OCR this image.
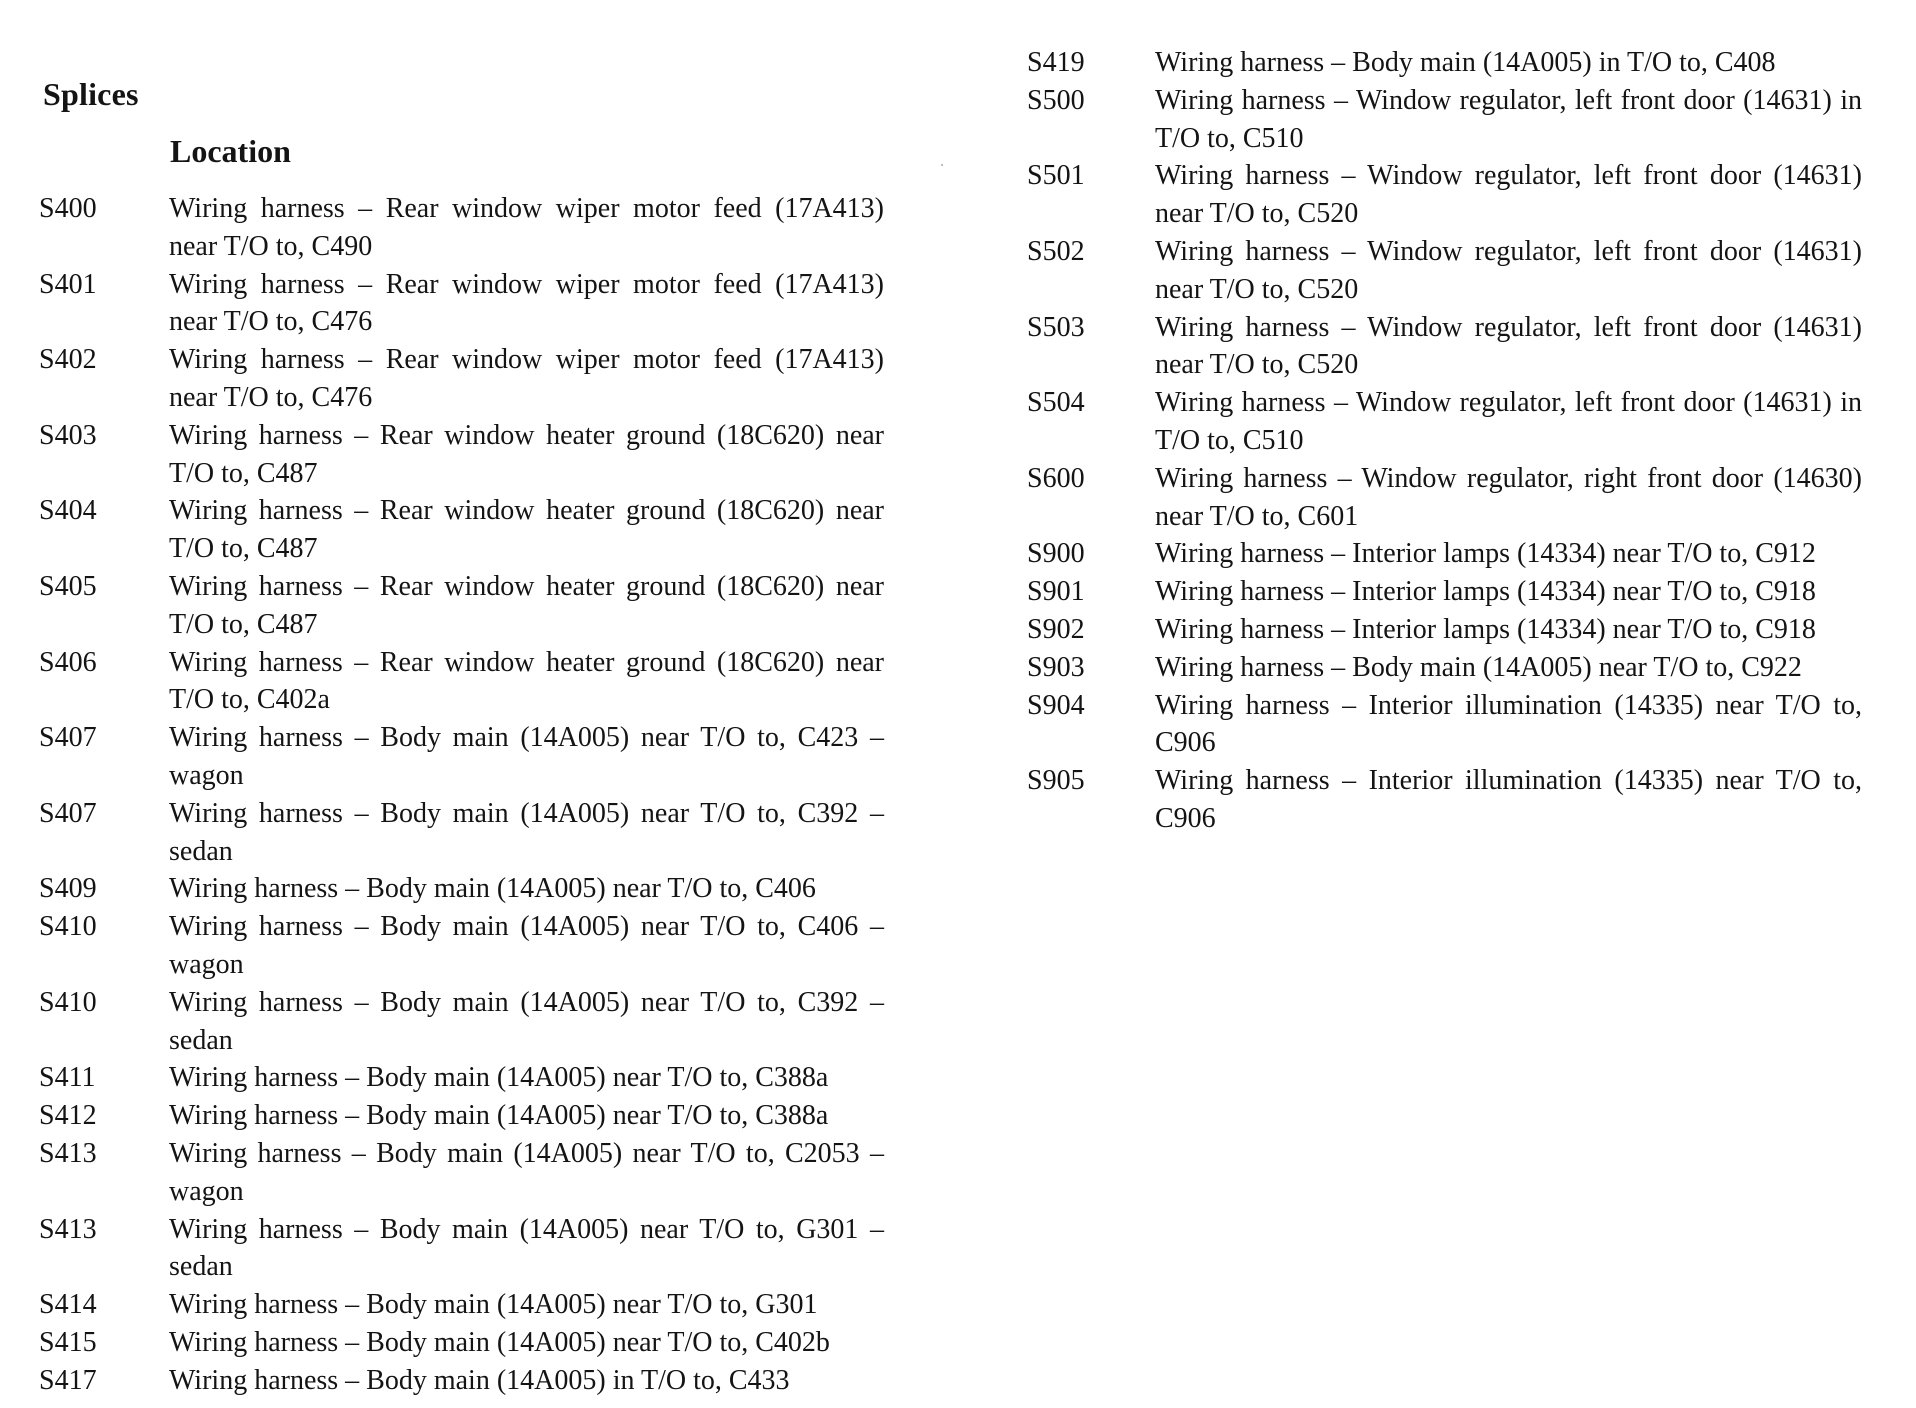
Splices
Location
S400	Wiring harness – Rear window wiper motor feed (17A413) near T/O to, C490
S401	Wiring harness – Rear window wiper motor feed (17A413) near T/O to, C476
S402	Wiring harness – Rear window wiper motor feed (17A413) near T/O to, C476
S403	Wiring harness – Rear window heater ground (18C620) near T/O to, C487
S404	Wiring harness – Rear window heater ground (18C620) near T/O to, C487
S405	Wiring harness – Rear window heater ground (18C620) near T/O to, C487
S406	Wiring harness – Rear window heater ground (18C620) near T/O to, C402a
S407	Wiring harness – Body main (14A005) near T/O to, C423 – wagon
S407	Wiring harness – Body main (14A005) near T/O to, C392 – sedan
S409	Wiring harness – Body main (14A005) near T/O to, C406
S410	Wiring harness – Body main (14A005) near T/O to, C406 – wagon
S410	Wiring harness – Body main (14A005) near T/O to, C392 – sedan
S411	Wiring harness – Body main (14A005) near T/O to, C388a
S412	Wiring harness – Body main (14A005) near T/O to, C388a
S413	Wiring harness – Body main (14A005) near T/O to, C2053 – wagon
S413	Wiring harness – Body main (14A005) near T/O to, G301 – sedan
S414	Wiring harness – Body main (14A005) near T/O to, G301
S415	Wiring harness – Body main (14A005) near T/O to, C402b
S417	Wiring harness – Body main (14A005) in T/O to, C433
S419	Wiring harness – Body main (14A005) in T/O to, C408
S500	Wiring harness – Window regulator, left front door (14631) in T/O to, C510
S501	Wiring harness – Window regulator, left front door (14631) near T/O to, C520
S502	Wiring harness – Window regulator, left front door (14631) near T/O to, C520
S503	Wiring harness – Window regulator, left front door (14631) near T/O to, C520
S504	Wiring harness – Window regulator, left front door (14631) in T/O to, C510
S600	Wiring harness – Window regulator, right front door (14630) near T/O to, C601
S900	Wiring harness – Interior lamps (14334) near T/O to, C912
S901	Wiring harness – Interior lamps (14334) near T/O to, C918
S902	Wiring harness – Interior lamps (14334) near T/O to, C918
S903	Wiring harness – Body main (14A005) near T/O to, C922
S904	Wiring harness – Interior illumination (14335) near T/O to, C906
S905	Wiring harness – Interior illumination (14335) near T/O to, C906
